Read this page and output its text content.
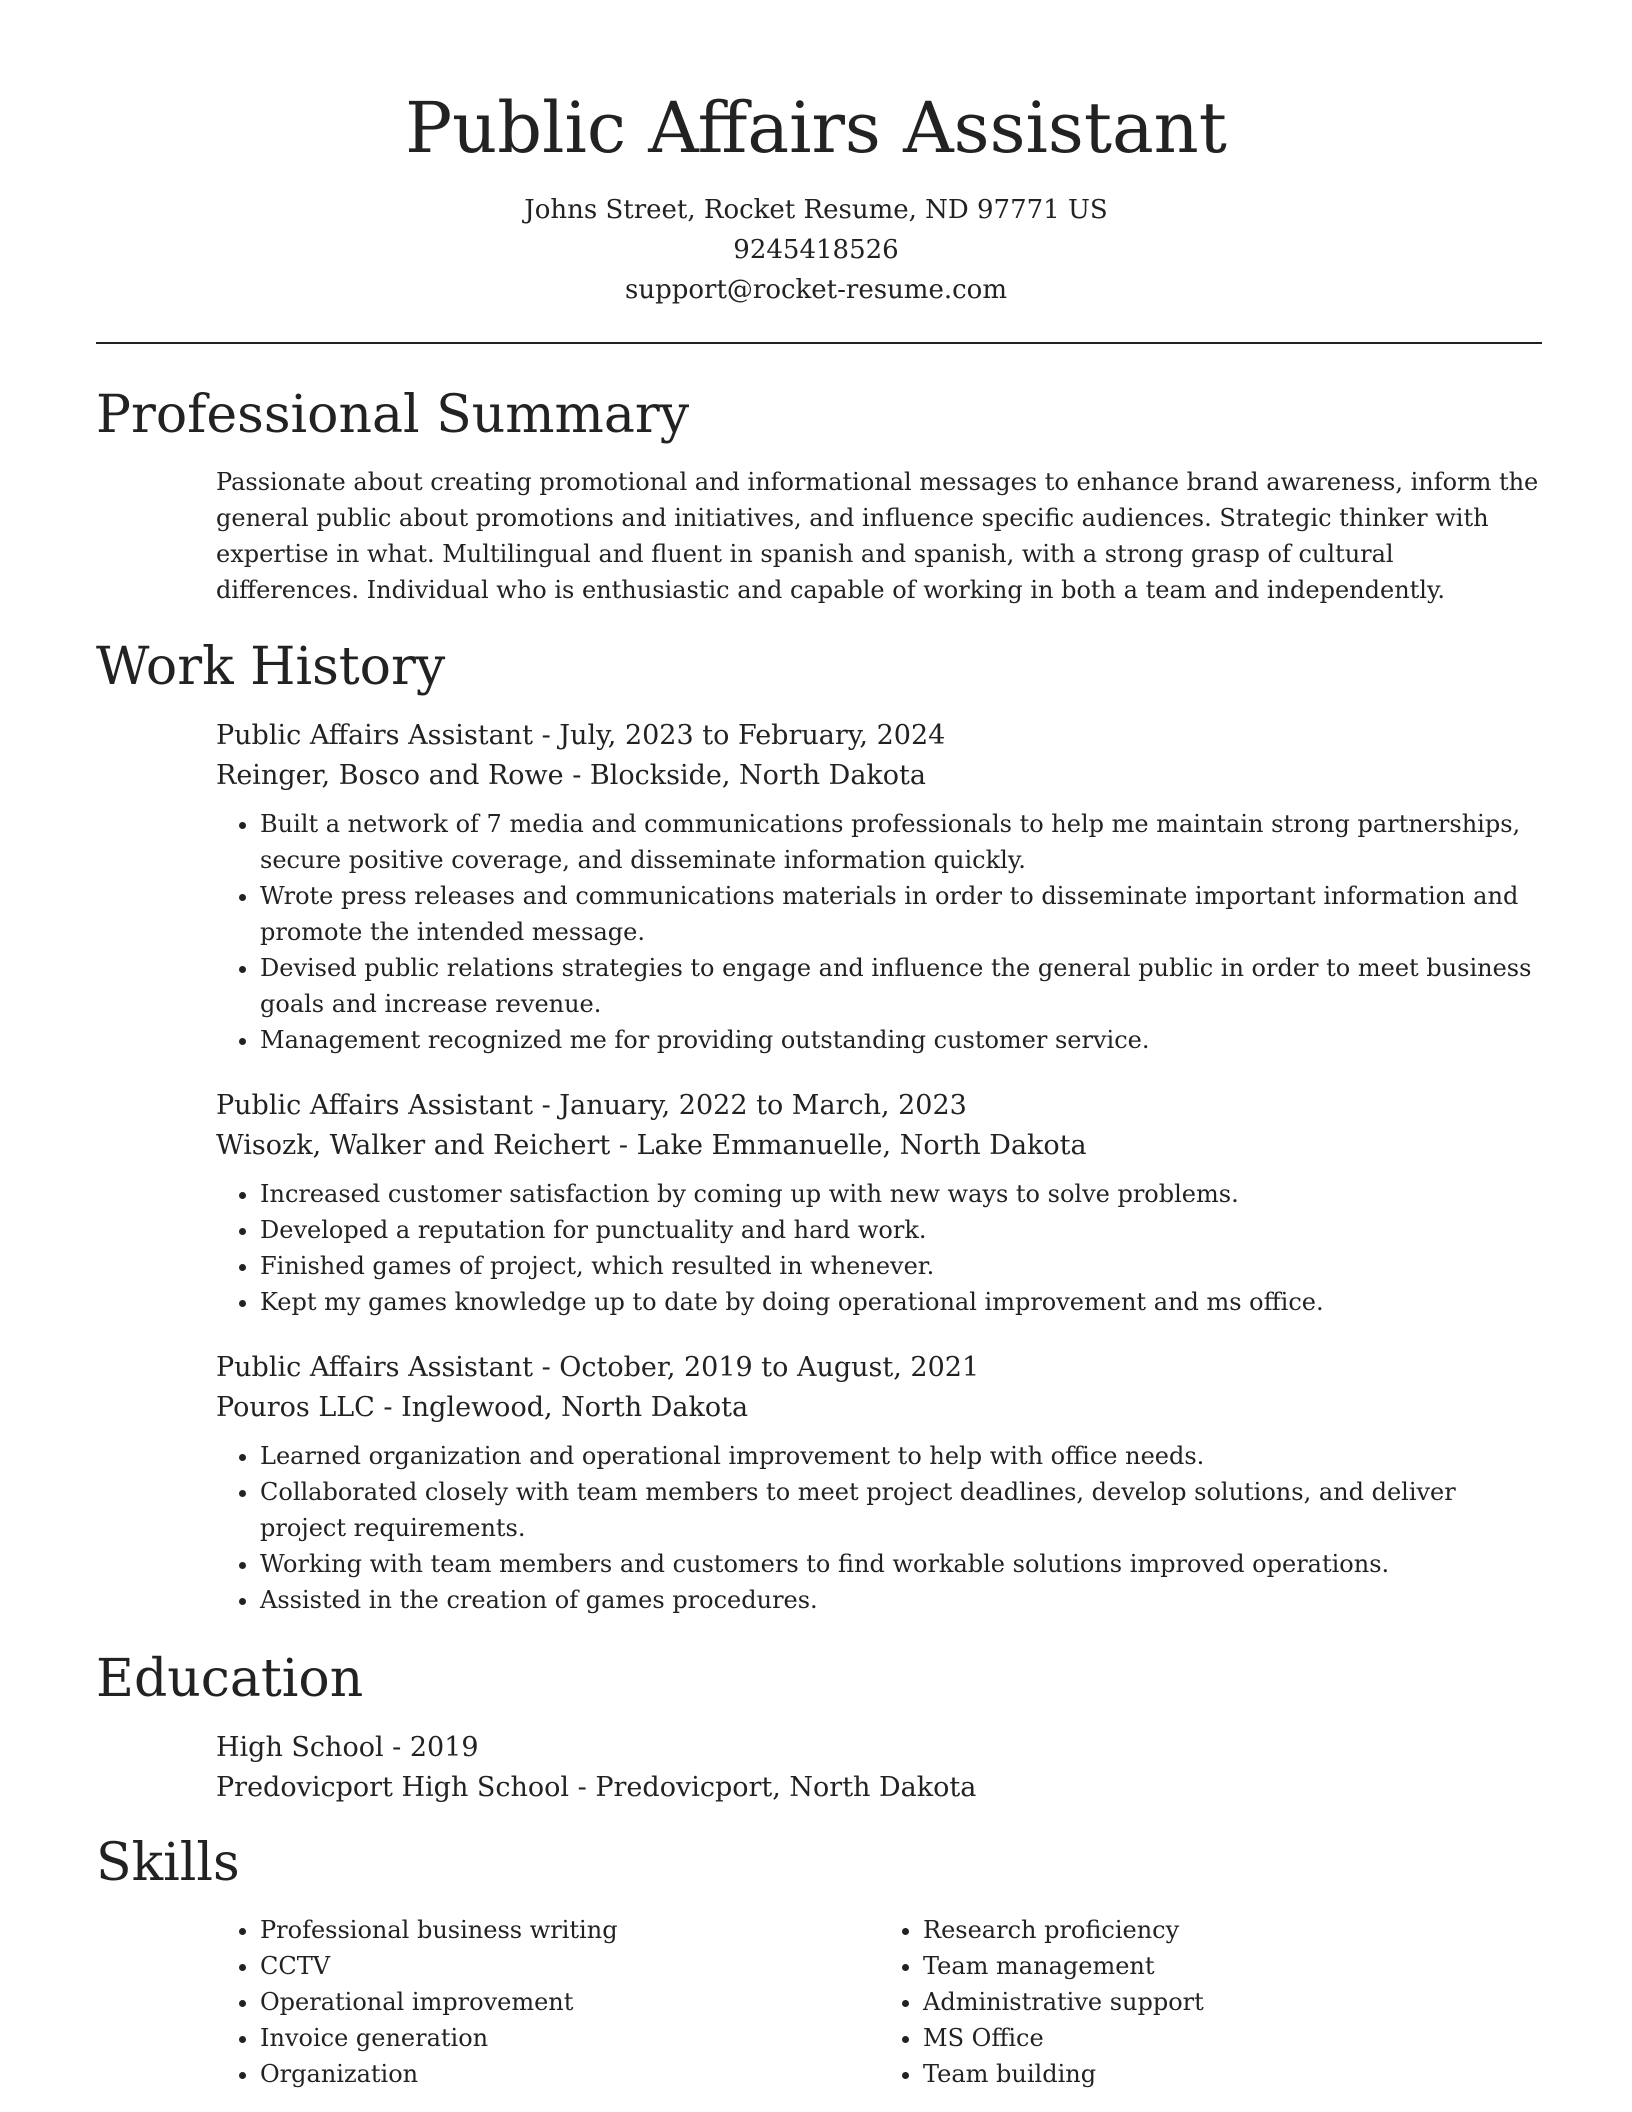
Public Affairs Assistant
Johns Street, Rocket Resume, ND 97771 US
9245418526
support@rocket-resume.com
Professional Summary

Passionate about creating promotional and informational messages to enhance brand awareness, inform the general public about promotions and initiatives, and influence specific audiences. Strategic thinker with expertise in what. Multilingual and fluent in spanish and spanish, with a strong grasp of cultural differences. Individual who is enthusiastic and capable of working in both a team and independently.

Work History
Public Affairs Assistant - July, 2023 to February, 2024
Reinger, Bosco and Rowe - Blockside, North Dakota
• Built a network of 7 media and communications professionals to help me maintain strong partnerships, secure positive coverage, and disseminate information quickly.
• Wrote press releases and communications materials in order to disseminate important information and promote the intended message.
• Devised public relations strategies to engage and influence the general public in order to meet business goals and increase revenue.
• Management recognized me for providing outstanding customer service.
Public Affairs Assistant - January, 2022 to March, 2023
Wisozk, Walker and Reichert - Lake Emmanuelle, North Dakota
• Increased customer satisfaction by coming up with new ways to solve problems.
• Developed a reputation for punctuality and hard work.
• Finished games of project, which resulted in whenever.
• Kept my games knowledge up to date by doing operational improvement and ms office.
Public Affairs Assistant - October, 2019 to August, 2021
Pouros LLC - Inglewood, North Dakota
• Learned organization and operational improvement to help with office needs.
• Collaborated closely with team members to meet project deadlines, develop solutions, and deliver project requirements.
• Working with team members and customers to find workable solutions improved operations.
• Assisted in the creation of games procedures.
Education
High School - 2019
Predovicport High School - Predovicport, North Dakota
Skills
• Professional business writing
• CCTV
• Operational improvement
• Invoice generation
• Organization
• Research proficiency
• Team management
• Administrative support
• MS Office
• Team building
